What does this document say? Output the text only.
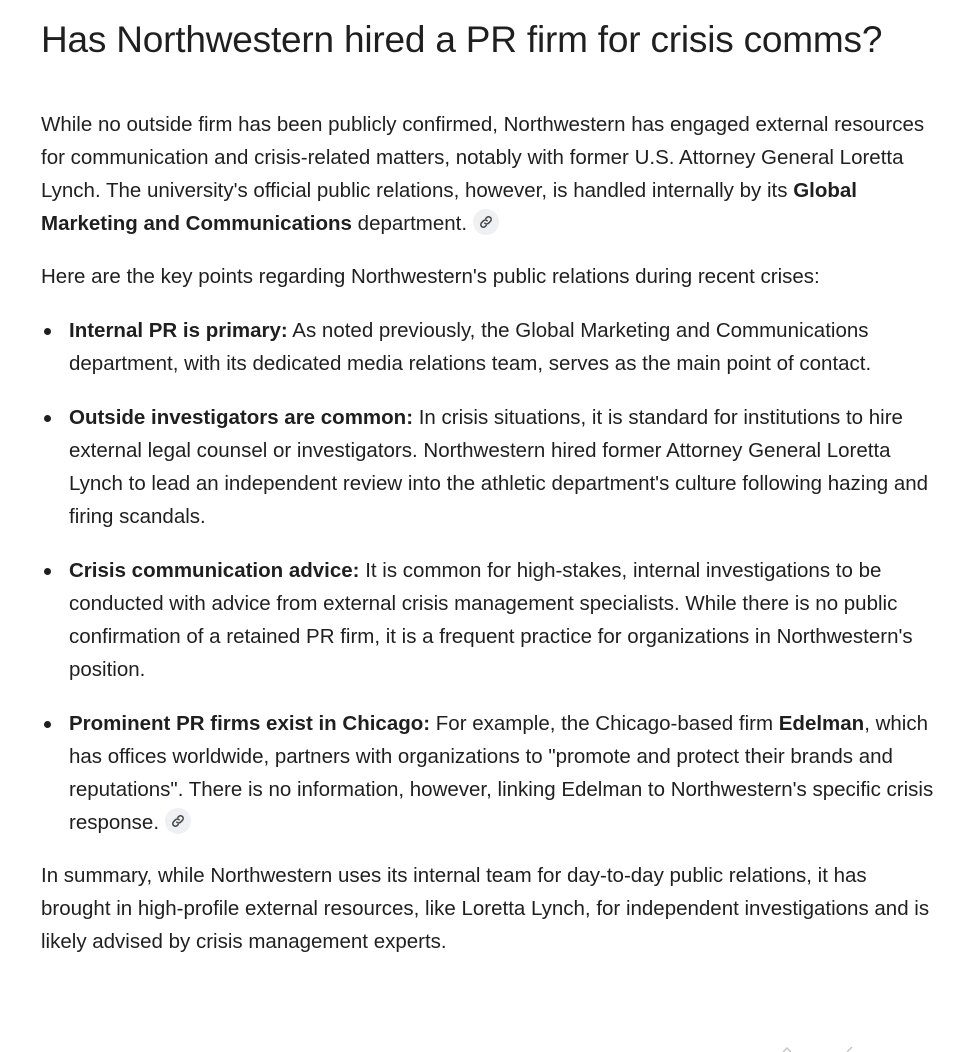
Has Northwestern hired a PR firm for crisis comms?

While no outside firm has been publicly confirmed, Northwestern has engaged external resources for communication and crisis-related matters, notably with former U.S. Attorney General Loretta Lynch. The university's official public relations, however, is handled internally by its Global Marketing and Communications department.

Here are the key points regarding Northwestern's public relations during recent crises:

Internal PR is primary: As noted previously, the Global Marketing and Communications department, with its dedicated media relations team, serves as the main point of contact.
Outside investigators are common: In crisis situations, it is standard for institutions to hire external legal counsel or investigators. Northwestern hired former Attorney General Loretta Lynch to lead an independent review into the athletic department's culture following hazing and firing scandals.
Crisis communication advice: It is common for high-stakes, internal investigations to be conducted with advice from external crisis management specialists. While there is no public confirmation of a retained PR firm, it is a frequent practice for organizations in Northwestern's position.
Prominent PR firms exist in Chicago: For example, the Chicago-based firm Edelman, which has offices worldwide, partners with organizations to "promote and protect their brands and reputations". There is no information, however, linking Edelman to Northwestern's specific crisis response.

In summary, while Northwestern uses its internal team for day-to-day public relations, it has brought in high-profile external resources, like Loretta Lynch, for independent investigations and is likely advised by crisis management experts.
